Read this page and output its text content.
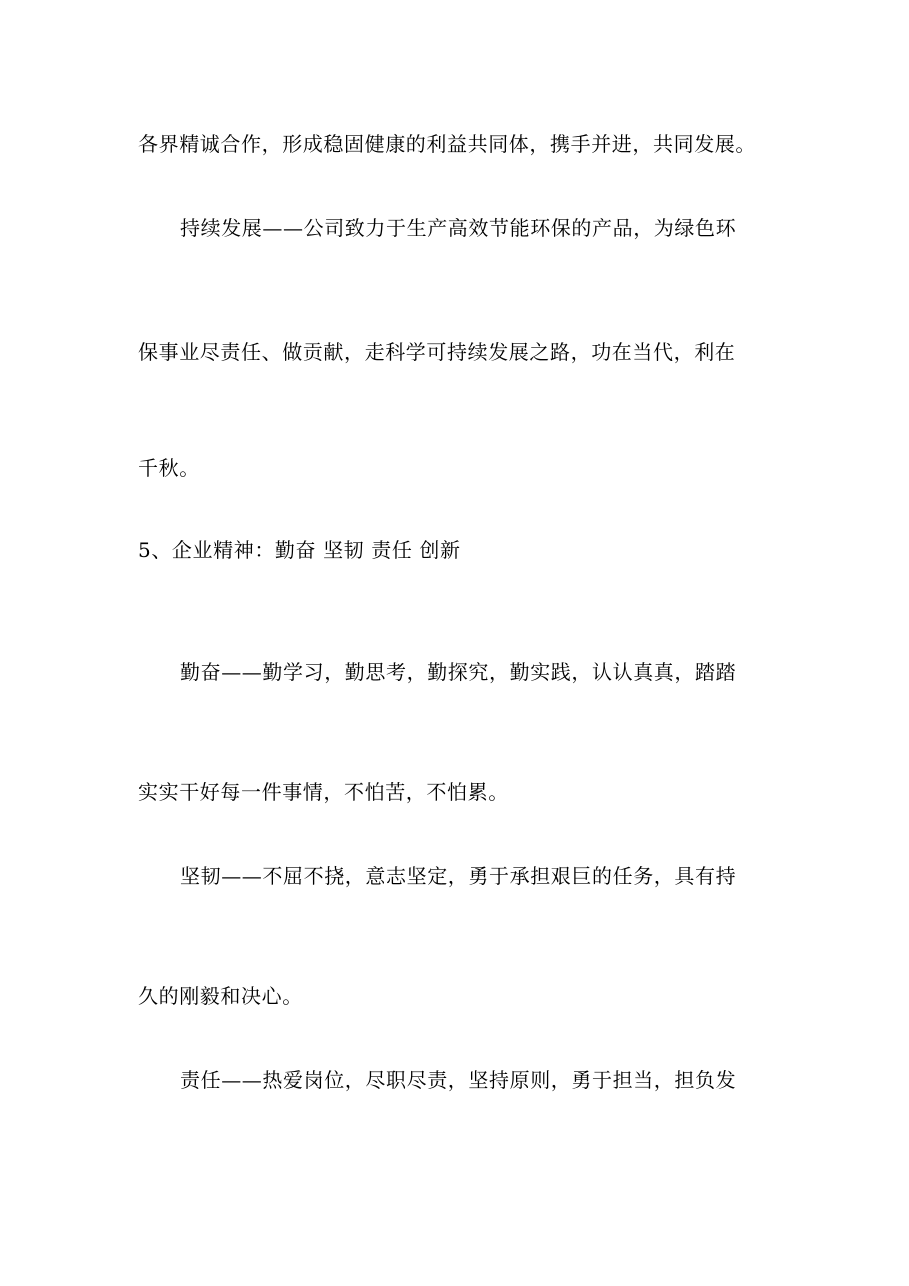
各界精诚合作，形成稳固健康的利益共同体，携手并进，共同发展。

持续发展——公司致力于生产高效节能环保的产品，为绿色环

保事业尽责任、做贡献，走科学可持续发展之路，功在当代，利在

千秋。

5、企业精神：勤奋 坚韧 责任 创新

勤奋——勤学习，勤思考，勤探究，勤实践，认认真真，踏踏

实实干好每一件事情，不怕苦，不怕累。

坚韧——不屈不挠，意志坚定，勇于承担艰巨的任务，具有持

久的刚毅和决心。

责任——热爱岗位，尽职尽责，坚持原则，勇于担当，担负发
